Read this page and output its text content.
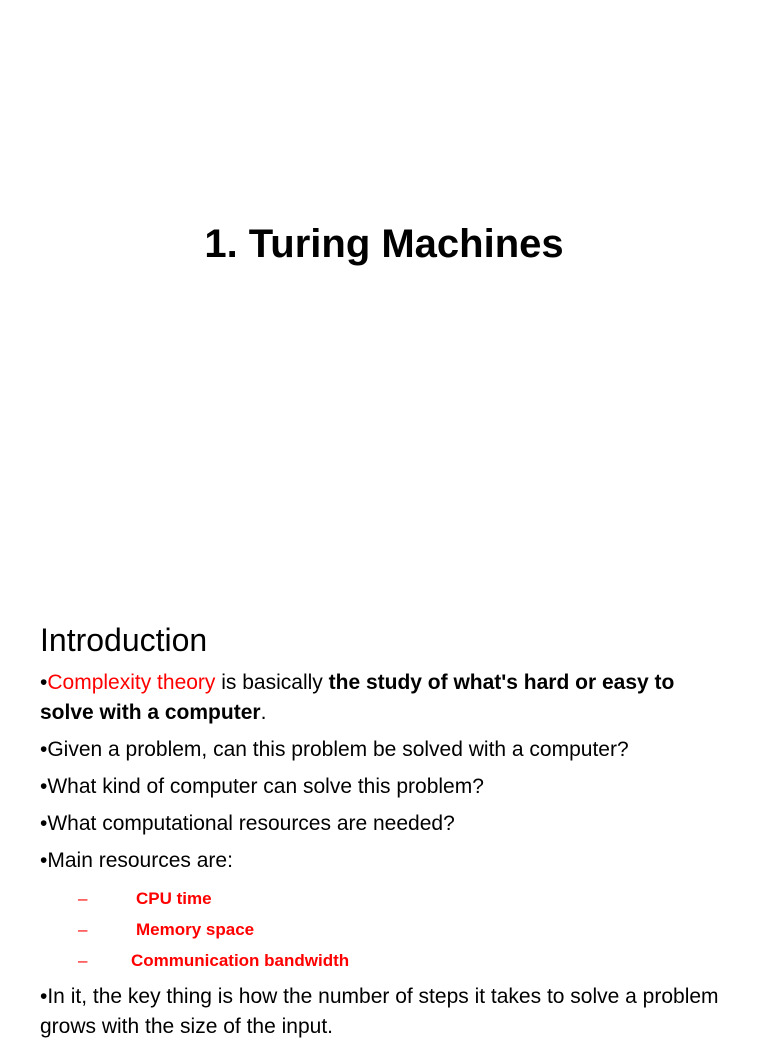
1. Turing Machines
Introduction
•Complexity theory is basically the study of what's hard or easy to solve with a computer.
•Given a problem, can this problem be solved with a computer?
•What kind of computer can solve this problem?
•What computational resources are needed?
•Main resources are:
–	CPU time
–	Memory space
–	Communication bandwidth
•In it, the key thing is how the number of steps it takes to solve a problem grows with the size of the input.
